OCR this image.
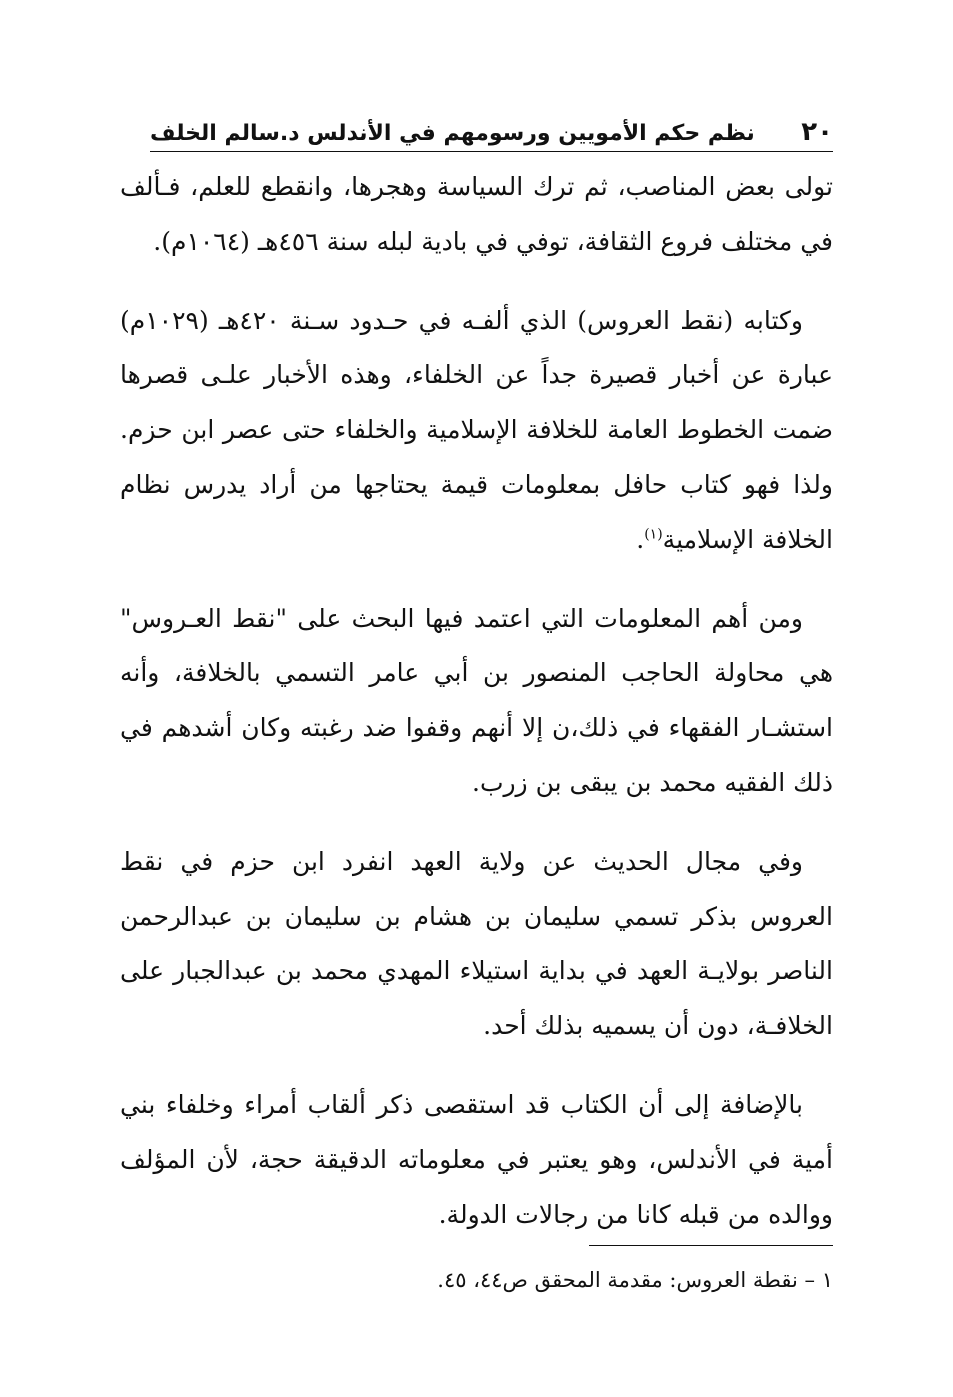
٢٠
نظم حكم الأمويين ورسومهم في الأندلس د.سالم الخلف

تولى بعض المناصب، ثم ترك السياسة وهجرها، وانقطع للعلم، فـألف في مختلف فروع الثقافة، توفي في بادية لبله سنة ٤٥٦هـ (١٠٦٤م).

وكتابه (نقط العروس) الذي ألفـه في حـدود سـنة ٤٢٠هـ (١٠٢٩م) عبارة عن أخبار قصيرة جداً عن الخلفاء، وهذه الأخبار علـى قصرها ضمت الخطوط العامة للخلافة الإسلامية والخلفاء حتى عصر ابن حزم. ولذا فهو كتاب حافل بمعلومات قيمة يحتاجها من أراد يدرس نظام الخلافة الإسلامية$^{(١)}$.

ومن أهم المعلومات التي اعتمد فيها البحث على "نقط العـروس" هي محاولة الحاجب المنصور بن أبي عامر التسمي بالخلافة، وأنه استشـار الفقهاء في ذلك،ن إلا أنهم وقفوا ضد رغبته وكان أشدهم في ذلك الفقيه محمد بن يبقى بن زرب.

وفي مجال الحديث عن ولاية العهد انفرد ابن حزم في نقط العروس بذكر تسمي سليمان بن هشام بن سليمان بن عبدالرحمن الناصر بولايـة العهد في بداية استيلاء المهدي محمد بن عبدالجبار على الخلافـة، دون أن يسميه بذلك أحد.

بالإضافة إلى أن الكتاب قد استقصى ذكر ألقاب أمراء وخلفاء بني أمية في الأندلس، وهو يعتبر في معلوماته الدقيقة حجة، لأن المؤلف ووالده من قبله كانا من رجالات الدولة.

١ – نقطة العروس: مقدمة المحقق ص٤٤، ٤٥.
